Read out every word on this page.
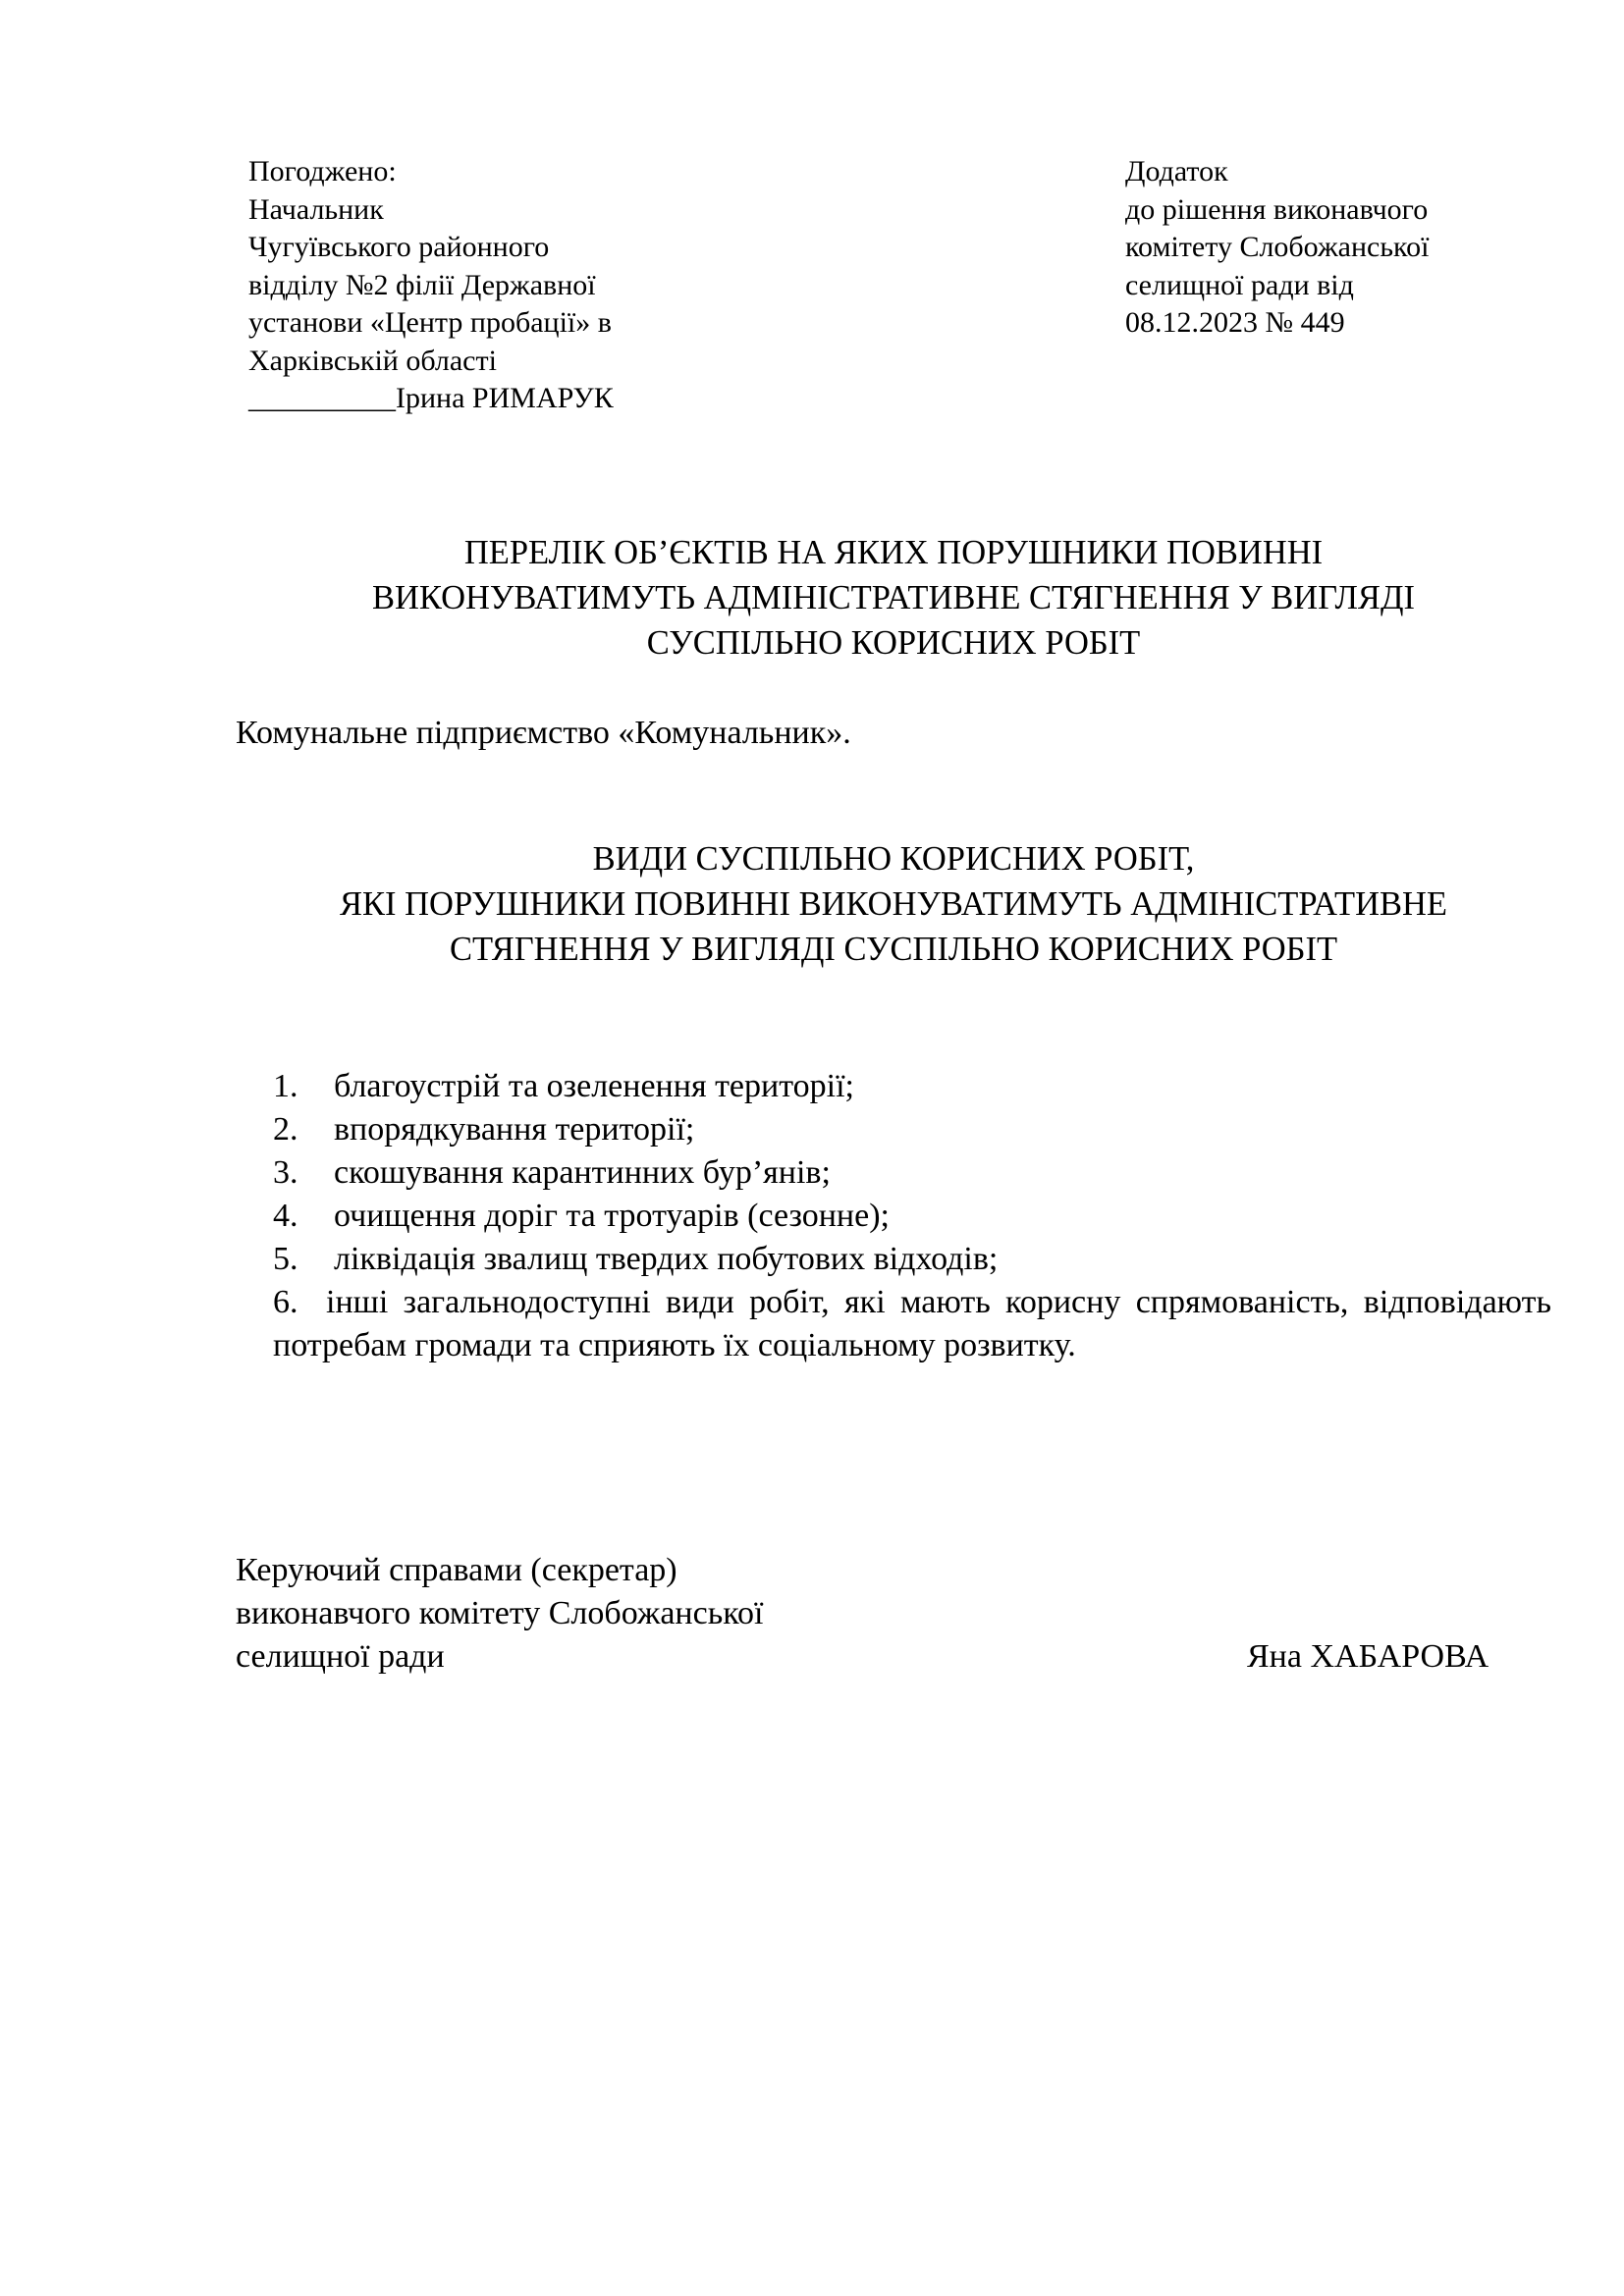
Погоджено:
Начальник
Чугуївського районного
відділу №2 філії Державної
установи «Центр пробації» в
Харківській області
__________Ірина РИМАРУК
Додаток
до рішення виконавчого
комітету Слобожанської
селищної ради від
08.12.2023 № 449
ПЕРЕЛІК ОБ’ЄКТІВ НА ЯКИХ ПОРУШНИКИ ПОВИННІ
ВИКОНУВАТИМУТЬ АДМІНІСТРАТИВНЕ СТЯГНЕННЯ У ВИГЛЯДІ
СУСПІЛЬНО КОРИСНИХ РОБІТ
Комунальне підприємство «Комунальник».
ВИДИ СУСПІЛЬНО КОРИСНИХ РОБІТ,
ЯКІ ПОРУШНИКИ ПОВИННІ ВИКОНУВАТИМУТЬ АДМІНІСТРАТИВНЕ
СТЯГНЕННЯ У ВИГЛЯДІ СУСПІЛЬНО КОРИСНИХ РОБІТ
1. благоустрій та озеленення території;
2. впорядкування території;
3. скошування карантинних бур’янів;
4. очищення доріг та тротуарів (сезонне);
5. ліквідація звалищ твердих побутових відходів;
6. інші загальнодоступні види робіт, які мають корисну спрямованість, відповідають потребам громади та сприяють їх соціальному розвитку.
Керуючий справами (секретар)
виконавчого комітету Слобожанської
селищної ради	Яна ХАБАРОВА
